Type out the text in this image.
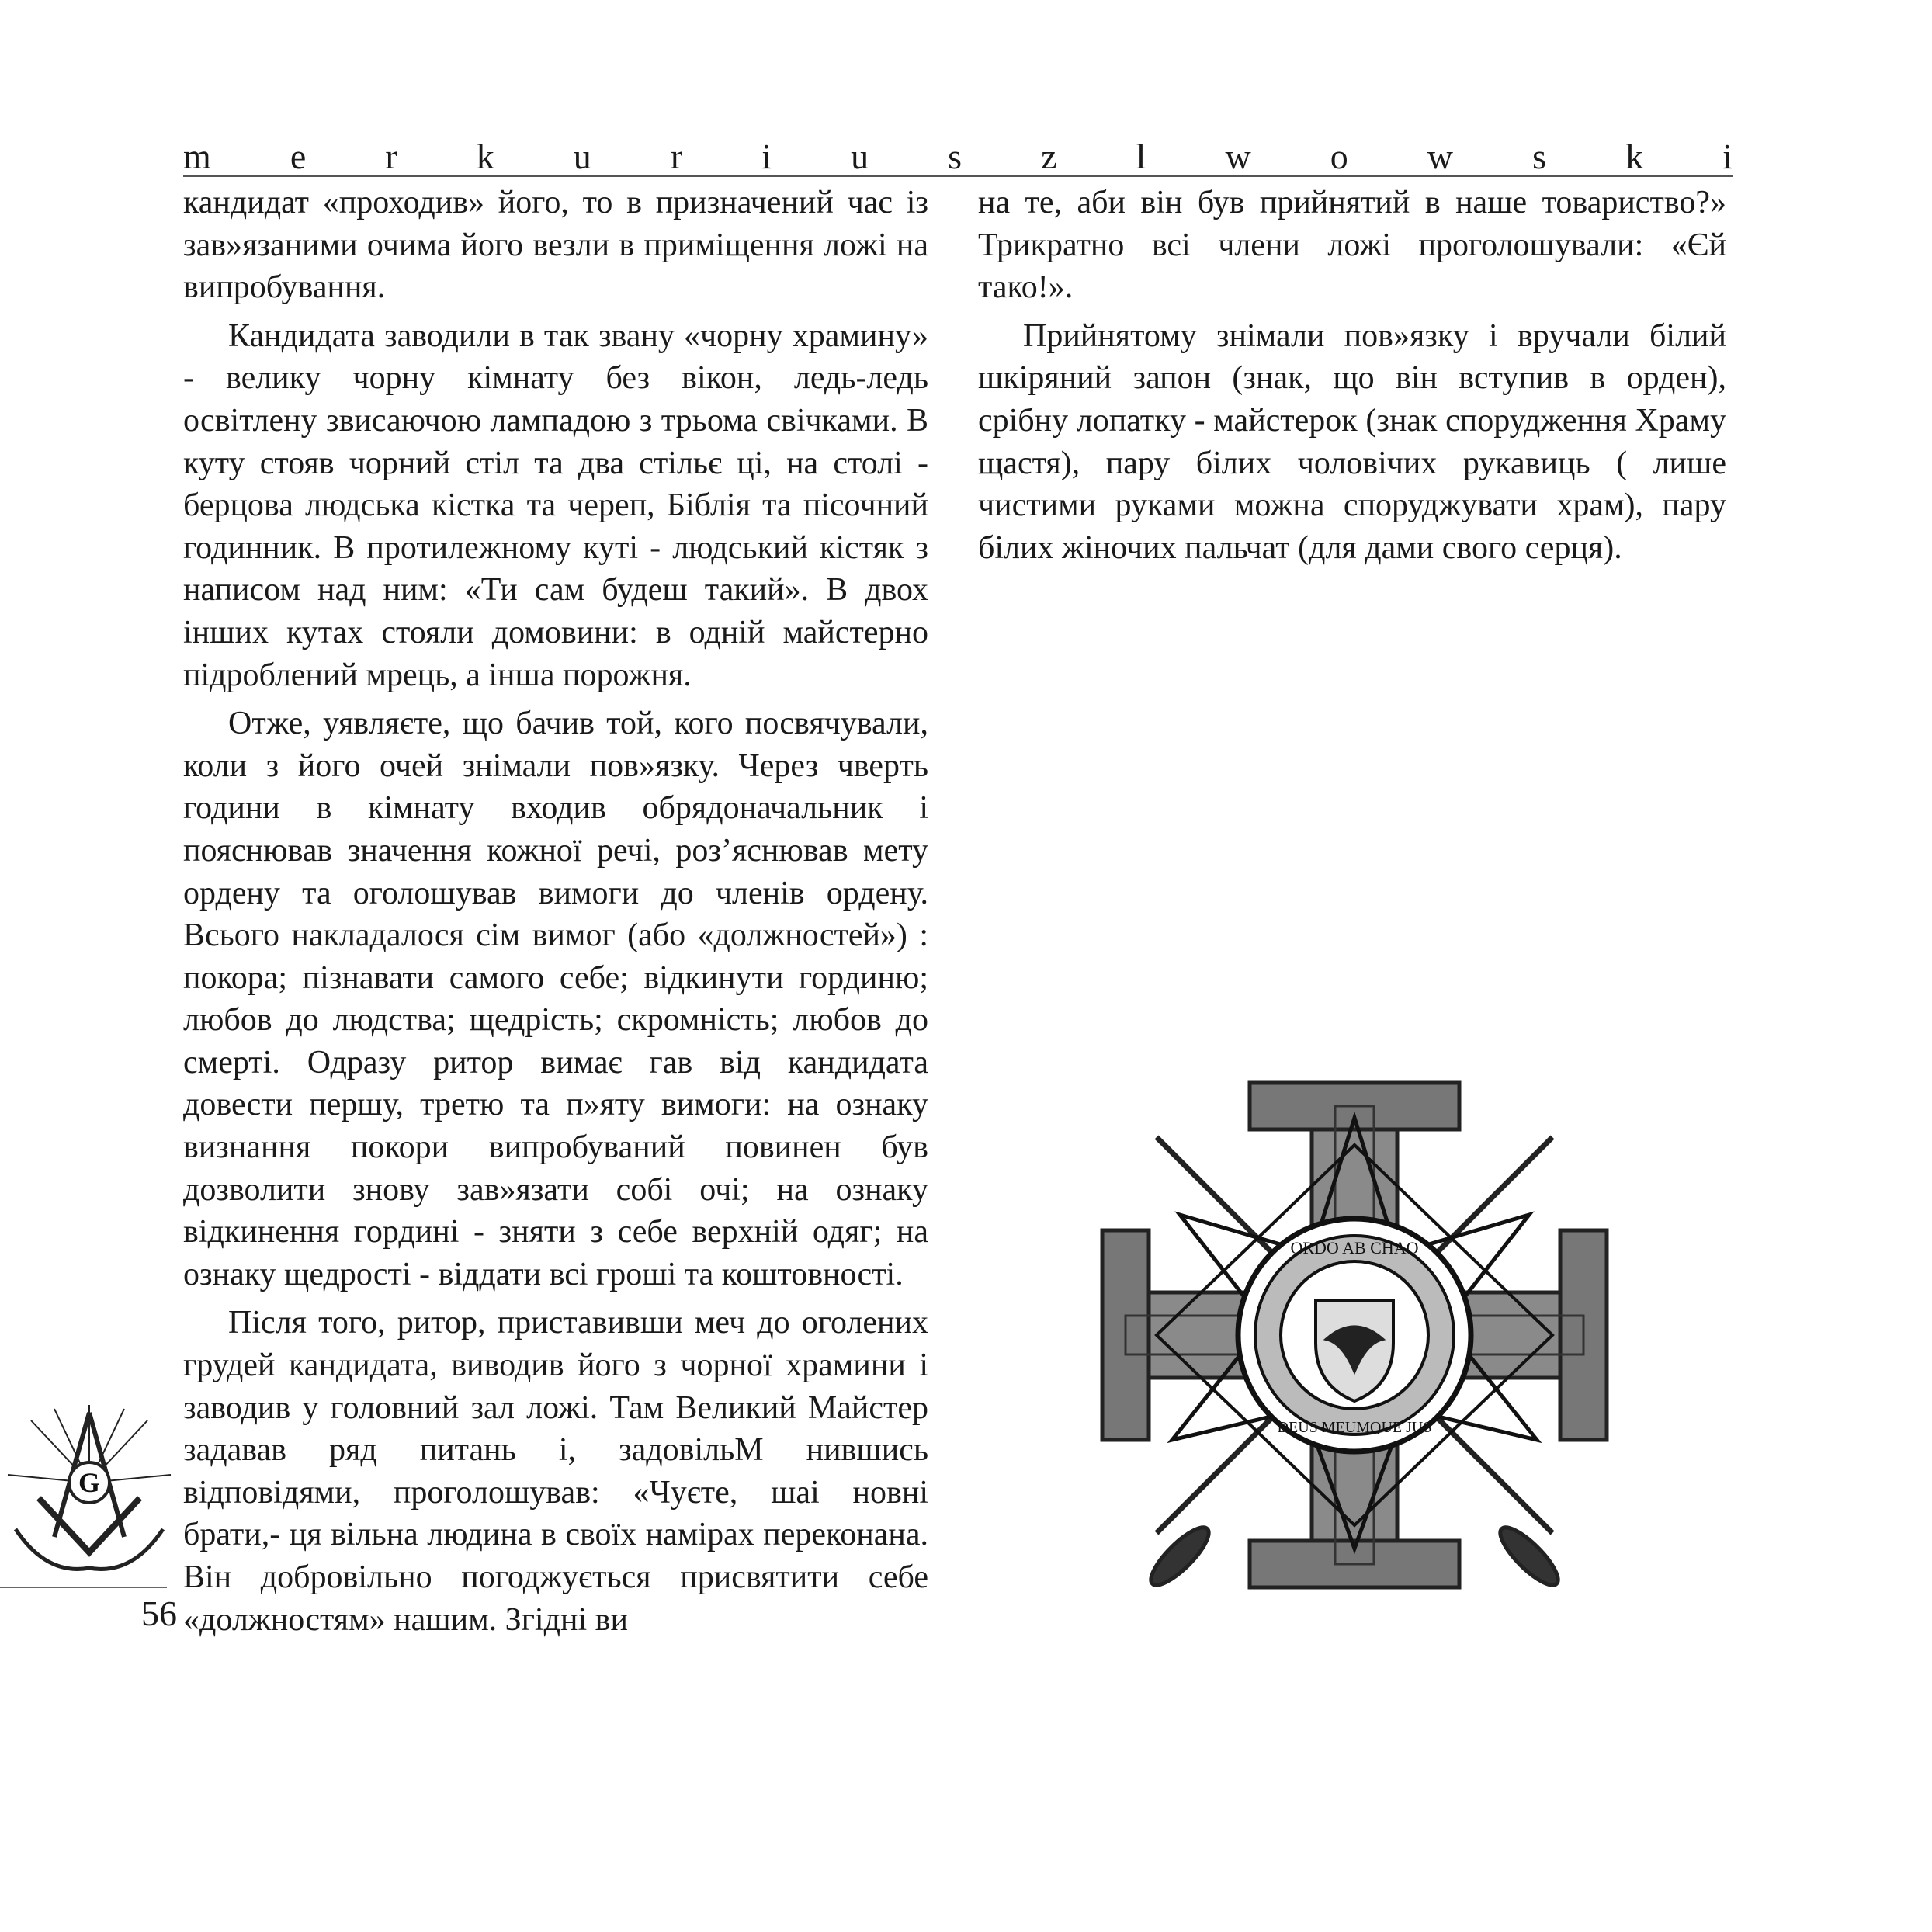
m e r k u r i u s z l w o w s k i

кандидат «проходив» його, то в призначений час із зав»язаними очима його везли в приміщення ложі на випробування.

Кандидата заводили в так звану «чорну храмину» - велику чорну кімнату без вікон, ледь-ледь освітлену звисаючою лампадою з трьома свічками. В куту стояв чорний стіл та два стільє ці, на столі - берцова людська кістка та череп, Біблія та пісочний годинник. В протилежному куті - людський кістяк з написом над ним: «Ти сам будеш такий». В двох інших кутах стояли домовини: в одній майстерно підроблений мрець, а інша порожня.

Отже, уявляєте, що бачив той, кого посвячували, коли з його очей знімали пов»язку. Через чверть години в кімнату входив обрядоначальник і пояснював значення кожної речі, роз’яснював мету ордену та оголошував вимоги до членів ордену. Всього накладалося сім вимог (або «должностей») : покора; пізнавати самого себе; відкинути гординю; любов до людства; щедрість; скромність; любов до смерті. Одразу ритор вимає гав від кандидата довести першу, третю та п»яту вимоги: на ознаку визнання покори випробуваний повинен був дозволити знову зав»язати собі очі; на ознаку відкинення гордині - зняти з себе верхній одяг; на ознаку щедрості - віддати всі гроші та коштовності.

Після того, ритор, приставивши меч до оголених грудей кандидата, виводив його з чорної храмини і заводив у головний зал ложі. Там Великий Майстер задавав ряд питань і, задовільМ нившись відповідями, проголошував: «Чуєте, шаі новні брати,- ця вільна людина в своїх намірах переконана. Він добровільно погоджується присвятити себе «должностям» нашим. Згідні ви

на те, аби він був прийнятий в наше товариство?» Трикратно всі члени ложі проголошували: «Єй тако!».

Прийнятому знімали пов»язку і вручали білий шкіряний запон (знак, що він вступив в орден), срібну лопатку - майстерок (знак спорудження Храму щастя), пару білих чоловічих рукавиць ( лише чистими руками можна споруджувати храм), пару білих жіночих пальчат (для дами свого серця).

ORDO AB CHAO
DEUS MEUMQUE JUS
G
56
